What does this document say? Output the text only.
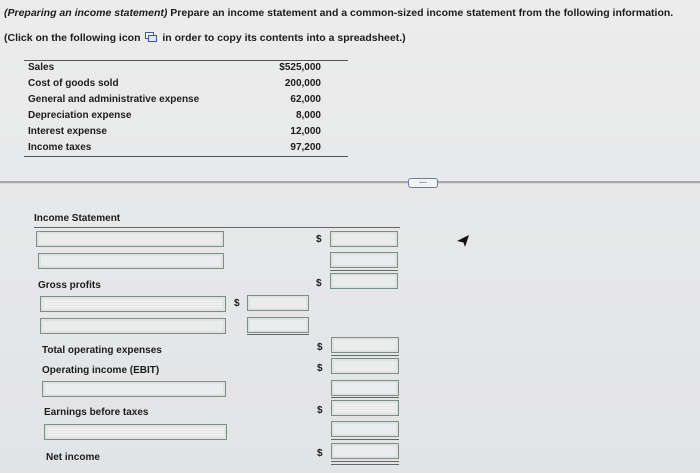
(Preparing an income statement) Prepare an income statement and a common-sized income statement from the following information.
(Click on the following icon in order to copy its contents into a spreadsheet.)
Sales	$525,000
Cost of goods sold	200,000
General and administrative expense	62,000
Depreciation expense	8,000
Interest expense	12,000
Income taxes	97,200
....
Income Statement
$
Gross profits	$
$
Total operating expenses	$
Operating income (EBIT)	$
Earnings before taxes	$
Net income	$
